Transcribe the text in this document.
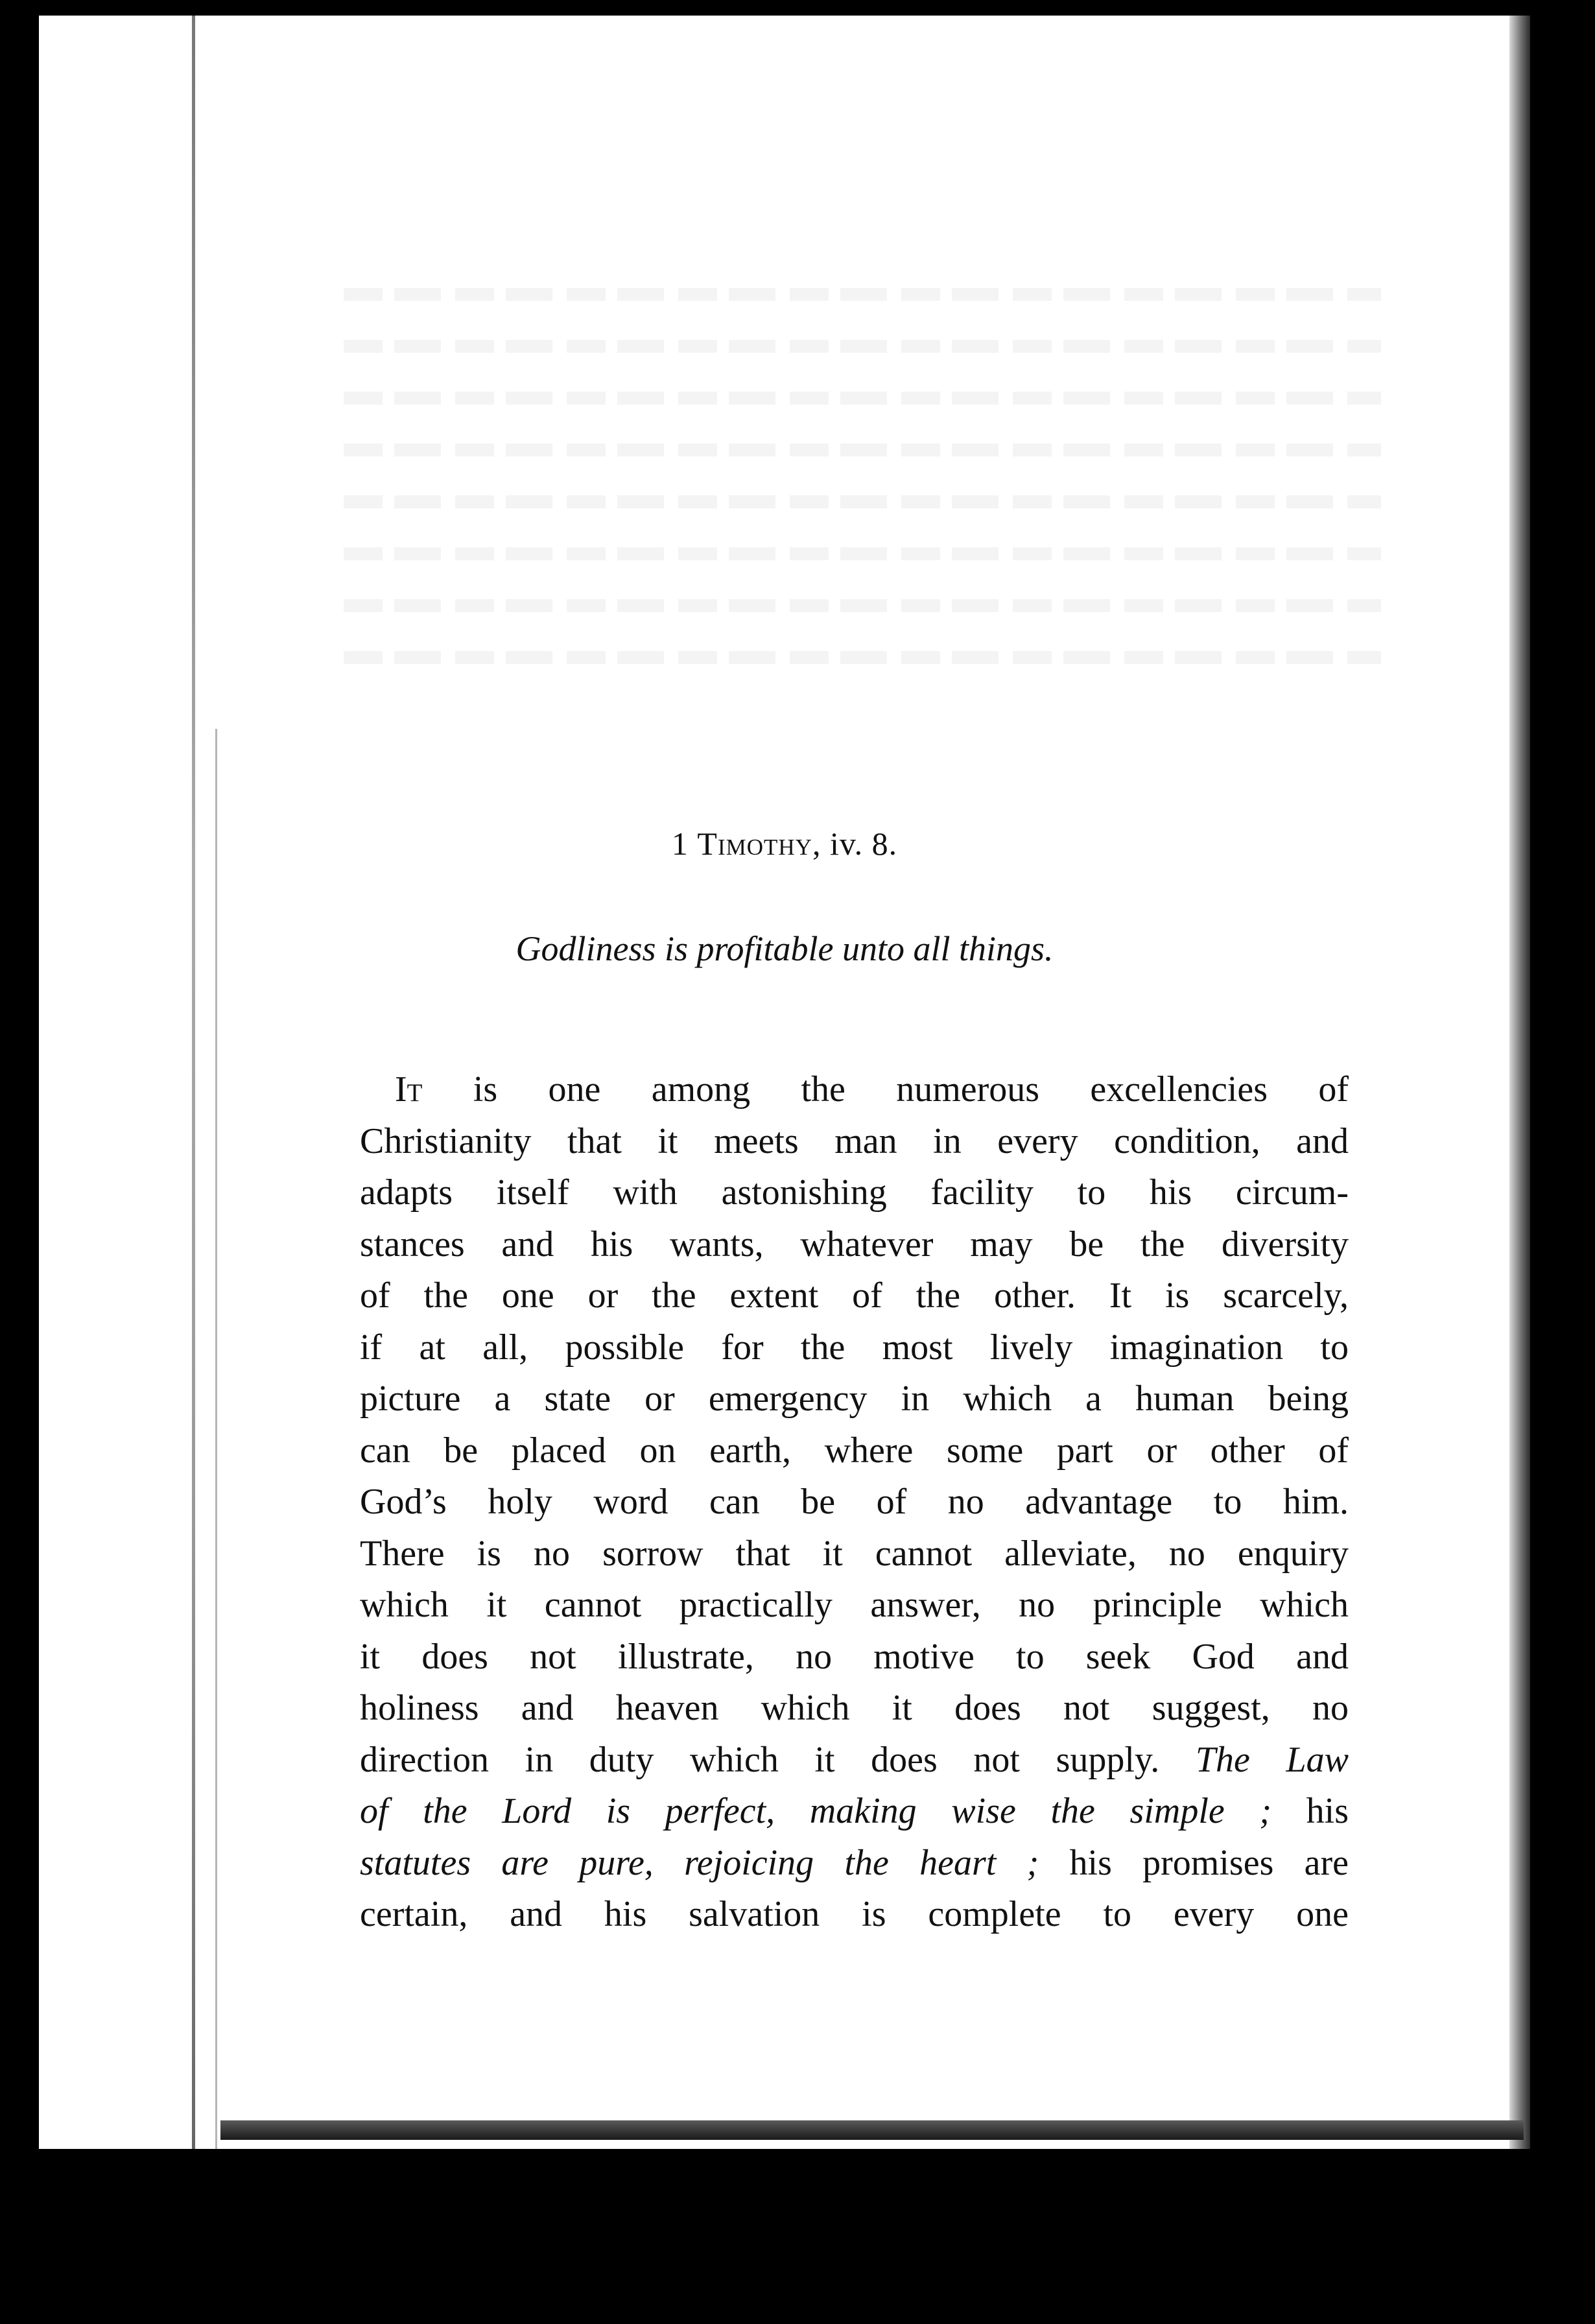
1 Timothy, iv. 8.
Godliness is profitable unto all things.
It is one among the numerous excellencies of
Christianity that it meets man in every condition, and
adapts itself with astonishing facility to his circum-
stances and his wants, whatever may be the diversity
of the one or the extent of the other. It is scarcely,
if at all, possible for the most lively imagination to
picture a state or emergency in which a human being
can be placed on earth, where some part or other of
God’s holy word can be of no advantage to him.
There is no sorrow that it cannot alleviate, no enquiry
which it cannot practically answer, no principle which
it does not illustrate, no motive to seek God and
holiness and heaven which it does not suggest, no
direction in duty which it does not supply. The Law
of the Lord is perfect, making wise the simple ; his
statutes are pure, rejoicing the heart ; his promises are
certain, and his salvation is complete to every one
